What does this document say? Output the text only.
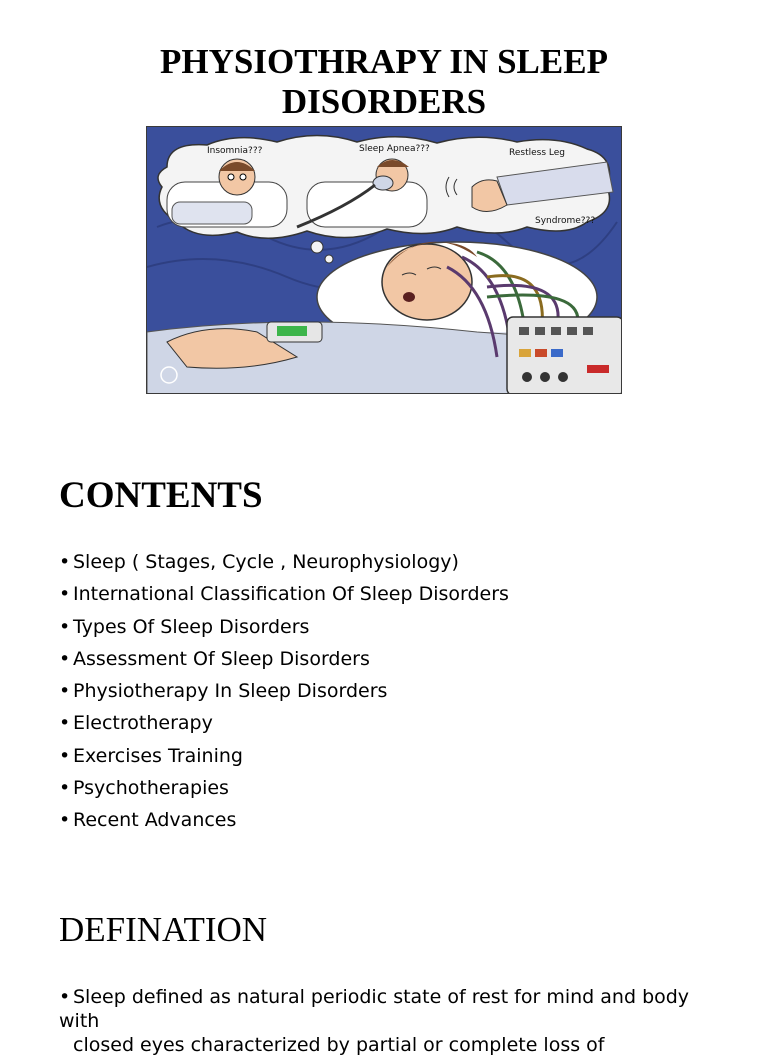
PHYSIOTHRAPY IN SLEEP
DISORDERS
Insomnia???	Sleep Apnea???	Restless Leg
Syndrome???
CONTENTS
• Sleep ( Stages, Cycle , Neurophysiology)
• International Classification Of Sleep Disorders
• Types Of Sleep Disorders
• Assessment Of Sleep Disorders
• Physiotherapy In Sleep Disorders
• Electrotherapy
• Exercises Training
• Psychotherapies
• Recent Advances
DEFINATION
• Sleep defined as natural periodic state of rest for mind and body with
closed eyes characterized by partial or complete loss of
